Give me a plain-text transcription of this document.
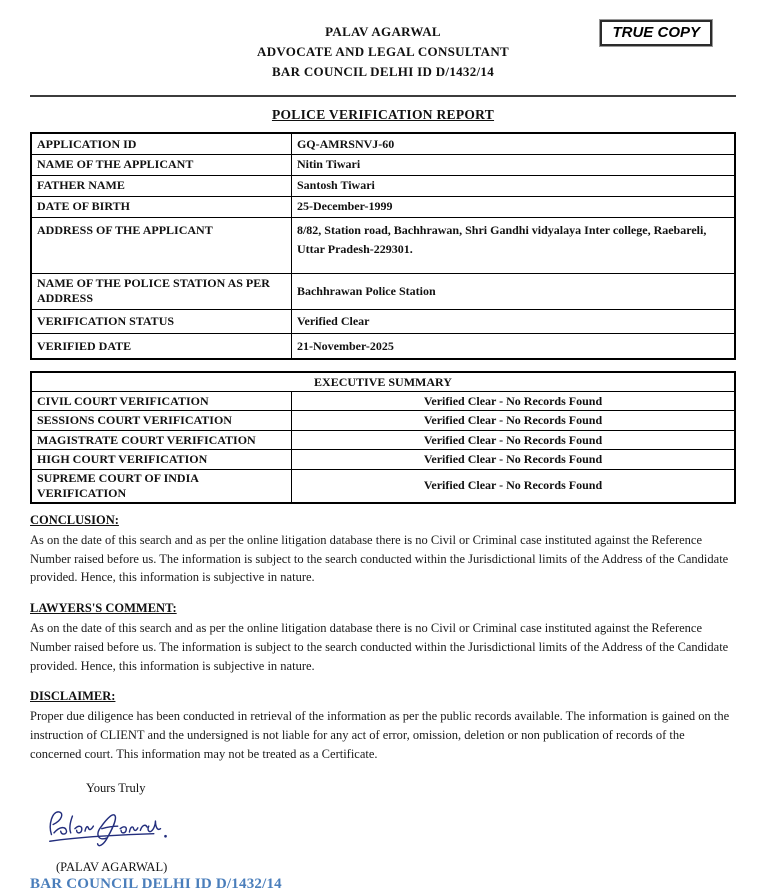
TRUE COPY
PALAV AGARWAL
ADVOCATE AND LEGAL CONSULTANT
BAR COUNCIL DELHI ID D/1432/14
POLICE VERIFICATION REPORT
APPLICATION ID	GQ-AMRSNVJ-60
NAME OF THE APPLICANT	Nitin Tiwari
FATHER NAME	Santosh Tiwari
DATE OF BIRTH	25-December-1999
ADDRESS OF THE APPLICANT	8/82, Station road, Bachhrawan, Shri Gandhi vidyalaya Inter college, Raebareli, Uttar Pradesh-229301.
NAME OF THE POLICE STATION AS PER ADDRESS	Bachhrawan Police Station
VERIFICATION STATUS	Verified Clear
VERIFIED DATE	21-November-2025
EXECUTIVE SUMMARY	
CIVIL COURT VERIFICATION	Verified Clear - No Records Found
SESSIONS COURT VERIFICATION	Verified Clear - No Records Found
MAGISTRATE COURT VERIFICATION	Verified Clear - No Records Found
HIGH COURT VERIFICATION	Verified Clear - No Records Found
SUPREME COURT OF INDIA VERIFICATION	Verified Clear - No Records Found
CONCLUSION:
As on the date of this search and as per the online litigation database there is no Civil or Criminal case instituted against the Reference Number raised before us. The information is subject to the search conducted within the Jurisdictional limits of the Address of the Candidate provided. Hence, this information is subjective in nature.
LAWYERS'S COMMENT:
As on the date of this search and as per the online litigation database there is no Civil or Criminal case instituted against the Reference Number raised before us. The information is subject to the search conducted within the Jurisdictional limits of the Address of the Candidate provided. Hence, this information is subjective in nature.
DISCLAIMER:
Proper due diligence has been conducted in retrieval of the information as per the public records available. The information is gained on the instruction of CLIENT and the undersigned is not liable for any act of error, omission, deletion or non publication of records of the concerned court. This information may not be treated as a Certificate.
Yours Truly
(PALAV AGARWAL)
BAR COUNCIL DELHI ID D/1432/14
